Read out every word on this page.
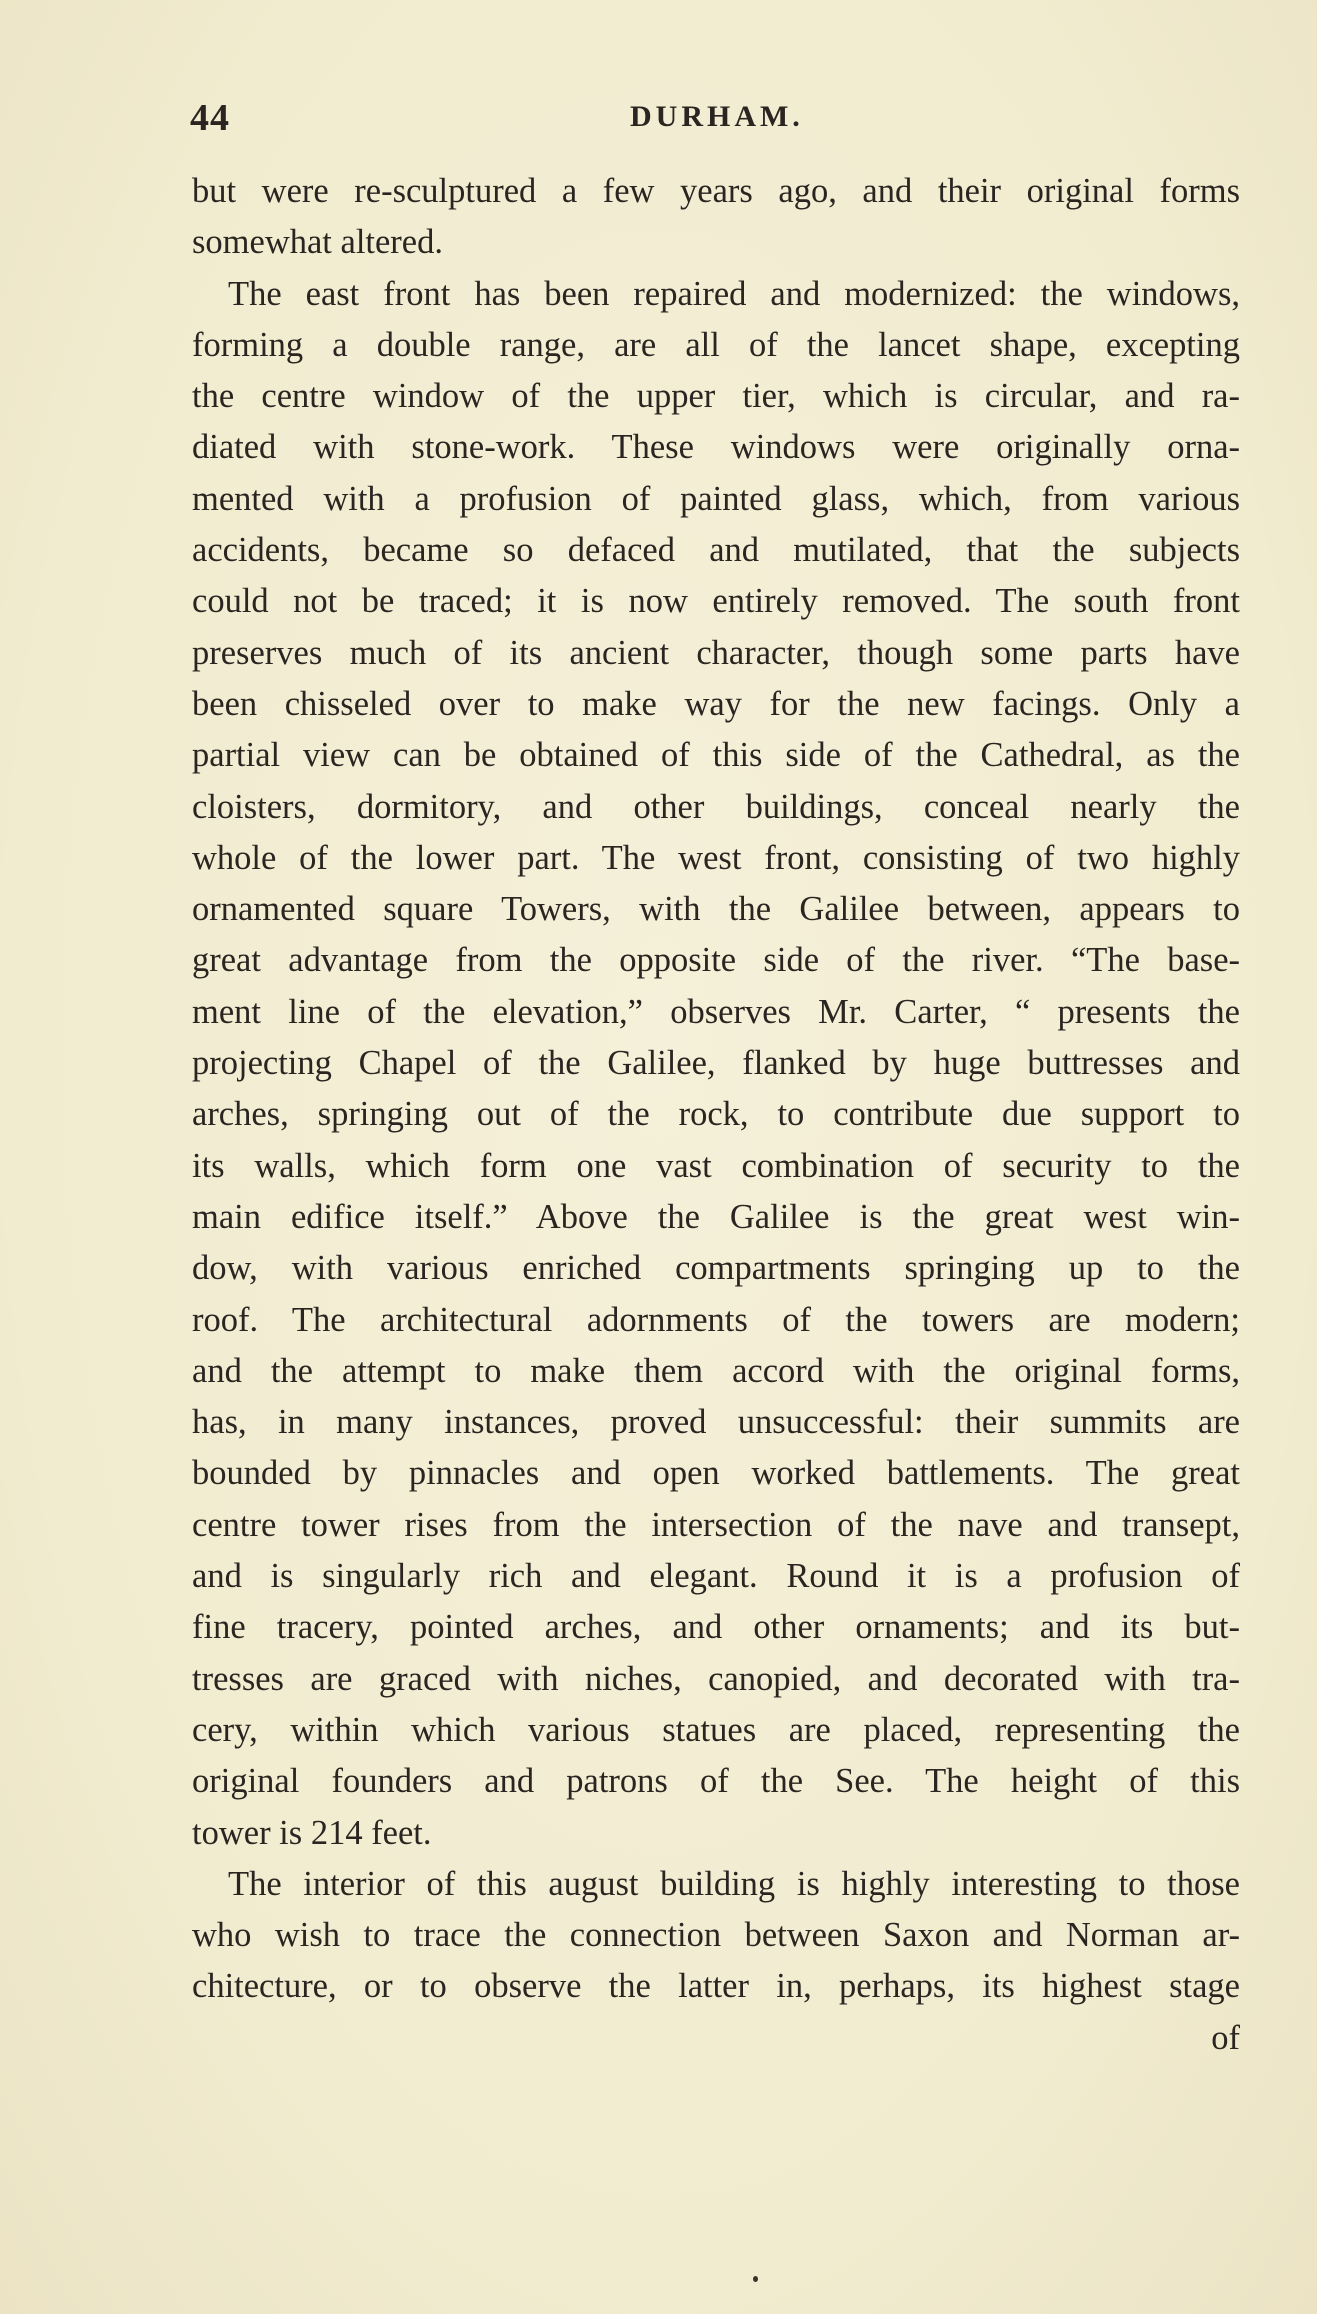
44	DURHAM.
but were re-sculptured a few years ago, and their original forms
somewhat altered.
The east front has been repaired and modernized: the windows,
forming a double range, are all of the lancet shape, excepting
the centre window of the upper tier, which is circular, and ra-
diated with stone-work. These windows were originally orna-
mented with a profusion of painted glass, which, from various
accidents, became so defaced and mutilated, that the subjects
could not be traced; it is now entirely removed. The south front
preserves much of its ancient character, though some parts have
been chisseled over to make way for the new facings. Only a
partial view can be obtained of this side of the Cathedral, as the
cloisters, dormitory, and other buildings, conceal nearly the
whole of the lower part. The west front, consisting of two highly
ornamented square Towers, with the Galilee between, appears to
great advantage from the opposite side of the river. “The base-
ment line of the elevation,” observes Mr. Carter, “ presents the
projecting Chapel of the Galilee, flanked by huge buttresses and
arches, springing out of the rock, to contribute due support to
its walls, which form one vast combination of security to the
main edifice itself.” Above the Galilee is the great west win-
dow, with various enriched compartments springing up to the
roof. The architectural adornments of the towers are modern;
and the attempt to make them accord with the original forms,
has, in many instances, proved unsuccessful: their summits are
bounded by pinnacles and open worked battlements. The great
centre tower rises from the intersection of the nave and transept,
and is singularly rich and elegant. Round it is a profusion of
fine tracery, pointed arches, and other ornaments; and its but-
tresses are graced with niches, canopied, and decorated with tra-
cery, within which various statues are placed, representing the
original founders and patrons of the See. The height of this
tower is 214 feet.
The interior of this august building is highly interesting to those
who wish to trace the connection between Saxon and Norman ar-
chitecture, or to observe the latter in, perhaps, its highest stage
of
